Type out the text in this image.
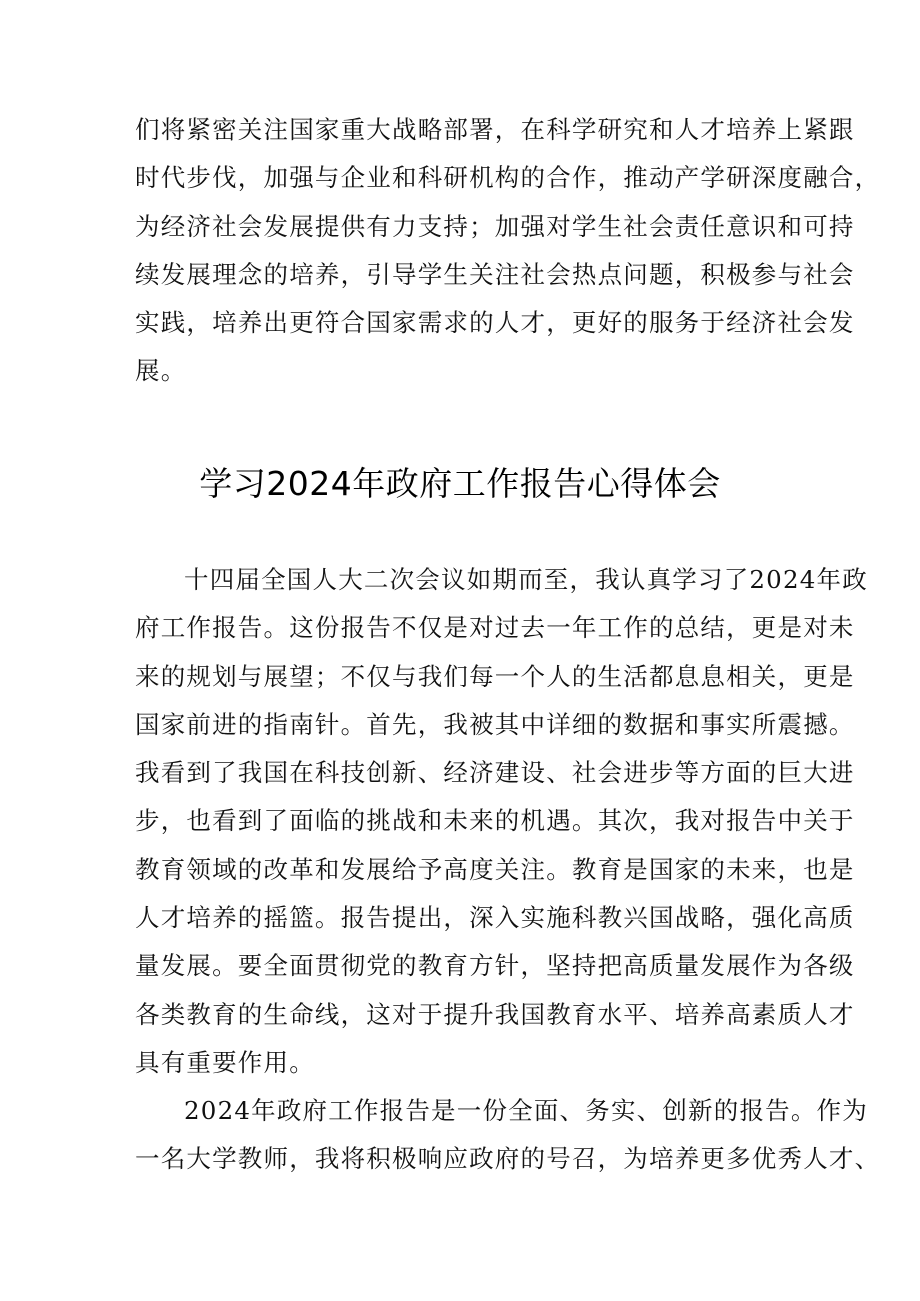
们将紧密关注国家重大战略部署，在科学研究和人才培养上紧跟
时代步伐，加强与企业和科研机构的合作，推动产学研深度融合，
为经济社会发展提供有力支持；加强对学生社会责任意识和可持
续发展理念的培养，引导学生关注社会热点问题，积极参与社会
实践，培养出更符合国家需求的人才，更好的服务于经济社会发
展。
学习2024年政府工作报告心得体会
十四届全国人大二次会议如期而至，我认真学习了2024年政
府工作报告。这份报告不仅是对过去一年工作的总结，更是对未
来的规划与展望；不仅与我们每一个人的生活都息息相关，更是
国家前进的指南针。首先，我被其中详细的数据和事实所震撼。
我看到了我国在科技创新、经济建设、社会进步等方面的巨大进
步，也看到了面临的挑战和未来的机遇。其次，我对报告中关于
教育领域的改革和发展给予高度关注。教育是国家的未来，也是
人才培养的摇篮。报告提出，深入实施科教兴国战略，强化高质
量发展。要全面贯彻党的教育方针，坚持把高质量发展作为各级
各类教育的生命线，这对于提升我国教育水平、培养高素质人才
具有重要作用。
2024年政府工作报告是一份全面、务实、创新的报告。作为
一名大学教师，我将积极响应政府的号召，为培养更多优秀人才、
